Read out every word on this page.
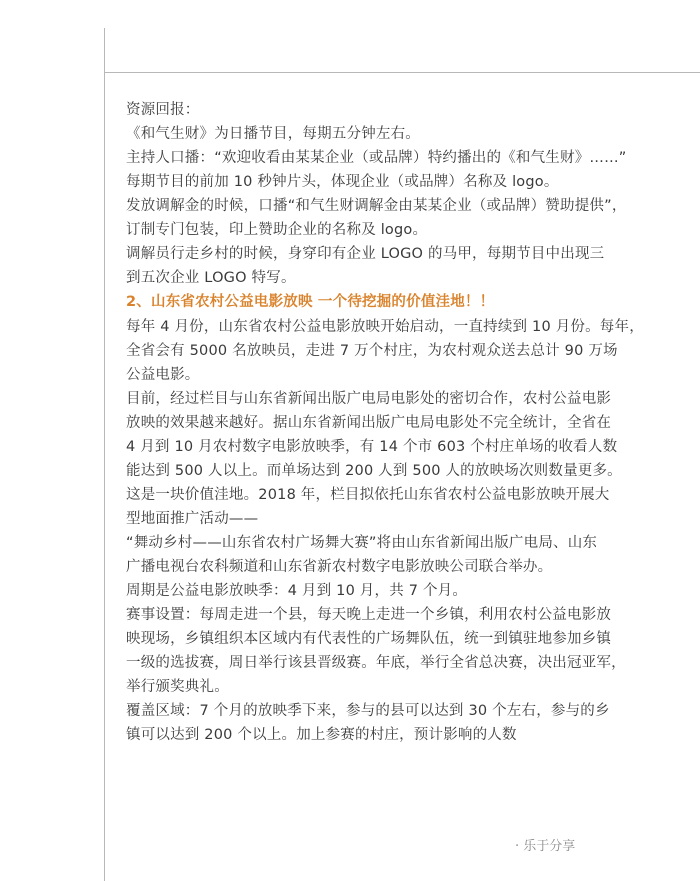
资源回报：
《和气生财》为日播节目，每期五分钟左右。
主持人口播：“欢迎收看由某某企业（或品牌）特约播出的《和气生财》……”
每期节目的前加 10 秒钟片头，体现企业（或品牌）名称及 logo。
发放调解金的时候，口播“和气生财调解金由某某企业（或品牌）赞助提供”，
订制专门包装，印上赞助企业的名称及 logo。
调解员行走乡村的时候，身穿印有企业 LOGO 的马甲，每期节目中出现三
到五次企业 LOGO 特写。
2、山东省农村公益电影放映 一个待挖掘的价值洼地！！
每年 4 月份，山东省农村公益电影放映开始启动，一直持续到 10 月份。每年，
全省会有 5000 名放映员，走进 7 万个村庄，为农村观众送去总计 90 万场
公益电影。
目前，经过栏目与山东省新闻出版广电局电影处的密切合作，农村公益电影
放映的效果越来越好。据山东省新闻出版广电局电影处不完全统计，全省在
4 月到 10 月农村数字电影放映季，有 14 个市 603 个村庄单场的收看人数
能达到 500 人以上。而单场达到 200 人到 500 人的放映场次则数量更多。
这是一块价值洼地。2018 年，栏目拟依托山东省农村公益电影放映开展大
型地面推广活动——
“舞动乡村——山东省农村广场舞大赛”将由山东省新闻出版广电局、山东
广播电视台农科频道和山东省新农村数字电影放映公司联合举办。
周期是公益电影放映季：4 月到 10 月，共 7 个月。
赛事设置：每周走进一个县，每天晚上走进一个乡镇，利用农村公益电影放
映现场，乡镇组织本区域内有代表性的广场舞队伍，统一到镇驻地参加乡镇
一级的选拔赛，周日举行该县晋级赛。年底，举行全省总决赛，决出冠亚军，
举行颁奖典礼。
覆盖区域：7 个月的放映季下来，参与的县可以达到 30 个左右，参与的乡
镇可以达到 200 个以上。加上参赛的村庄，预计影响的人数
· 乐于分享
